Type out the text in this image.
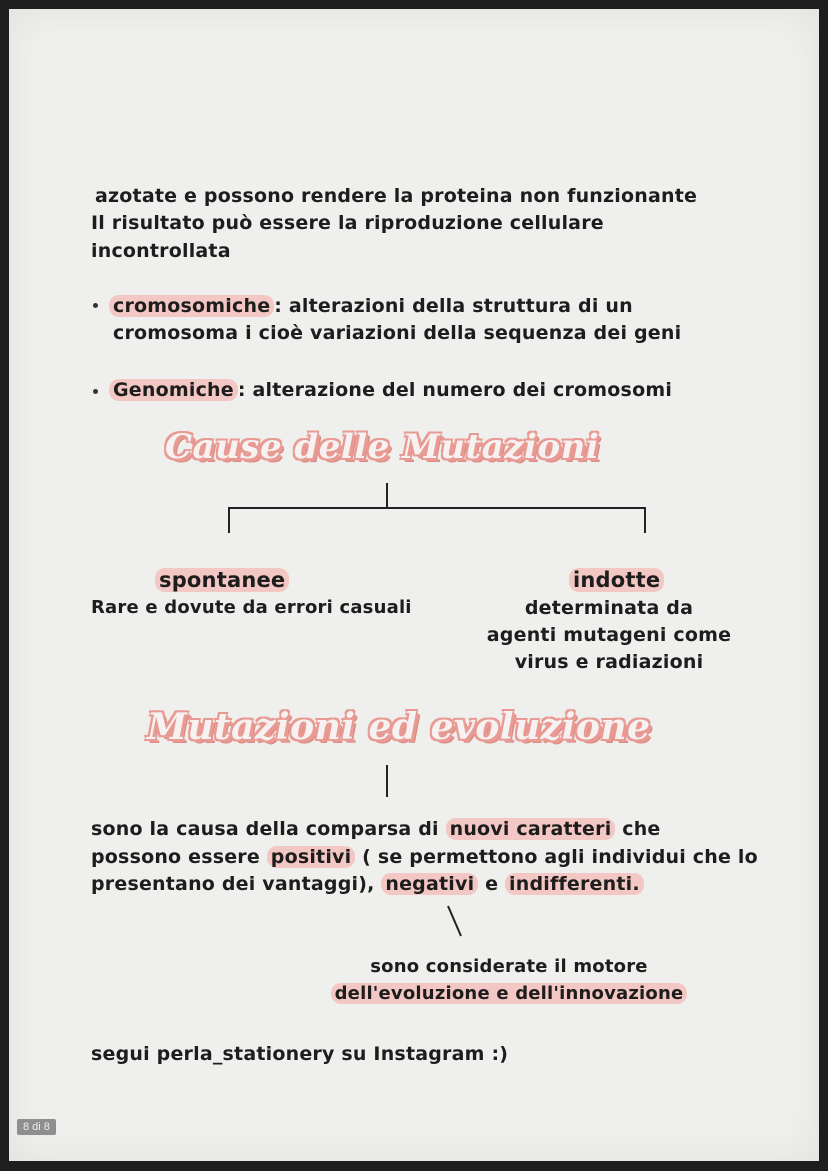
azotate e possono rendere la proteina non funzionante
Il risultato può essere la riproduzione cellulare
incontrollata
cromosomiche : alterazioni della struttura di un
cromosoma i cioè variazioni della sequenza dei geni
Genomiche : alterazione del numero dei cromosomi
Cause delle Mutazioni
spontanee
Rare e dovute da errori casuali
indotte
determinata da
agenti mutageni come
virus e radiazioni
Mutazioni ed evoluzione
sono la causa della comparsa di nuovi caratteri che
possono essere positivi ( se permettono agli individui che lo
presentano dei vantaggi), negativi e indifferenti.
sono considerate il motore
dell'evoluzione e dell'innovazione
segui perla_stationery su Instagram :)
8 di 8
